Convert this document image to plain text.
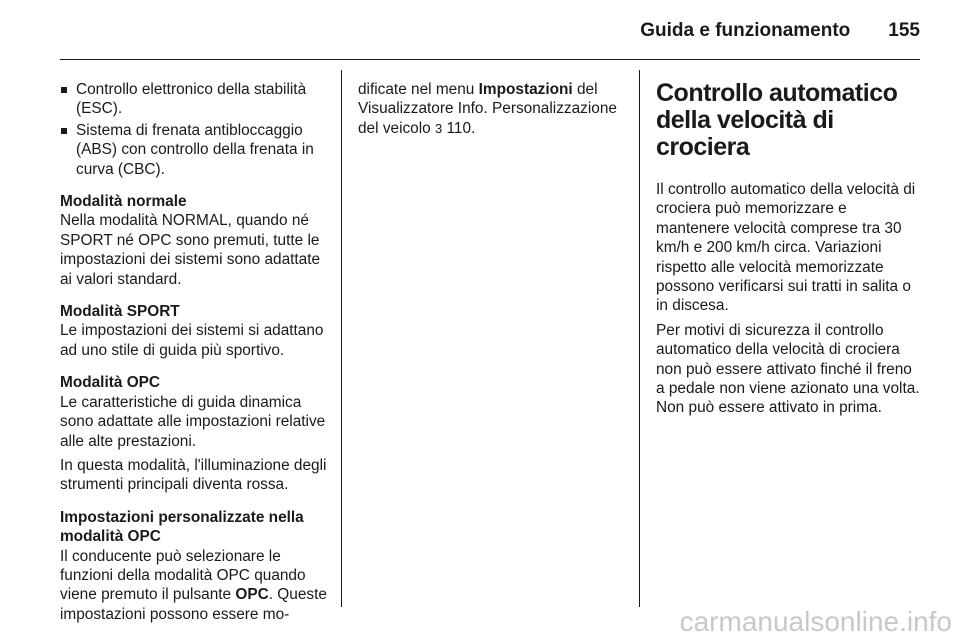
Guida e funzionamento 155
Controllo elettronico della stabilità (ESC).
Sistema di frenata antibloccaggio (ABS) con controllo della frenata in curva (CBC).
Modalità normale

Nella modalità NORMAL, quando né SPORT né OPC sono premuti, tutte le impostazioni dei sistemi sono adattate ai valori standard.

Modalità SPORT

Le impostazioni dei sistemi si adattano ad uno stile di guida più sportivo.

Modalità OPC

Le caratteristiche di guida dinamica sono adattate alle impostazioni relative alle alte prestazioni.

In questa modalità, l'illuminazione degli strumenti principali diventa rossa.

Impostazioni personalizzate nella modalità OPC

Il conducente può selezionare le funzioni della modalità OPC quando viene premuto il pulsante OPC. Queste impostazioni possono essere mo-

dificate nel menu Impostazioni del Visualizzatore Info. Personalizzazione del veicolo 3 110.

Controllo automatico
della velocità di crociera

Il controllo automatico della velocità di crociera può memorizzare e mantenere velocità comprese tra 30 km/h e 200 km/h circa. Variazioni rispetto alle velocità memorizzate possono verificarsi sui tratti in salita o in discesa.

Per motivi di sicurezza il controllo automatico della velocità di crociera non può essere attivato finché il freno a pedale non viene azionato una volta. Non può essere attivato in prima.

carmanualsonline.info
